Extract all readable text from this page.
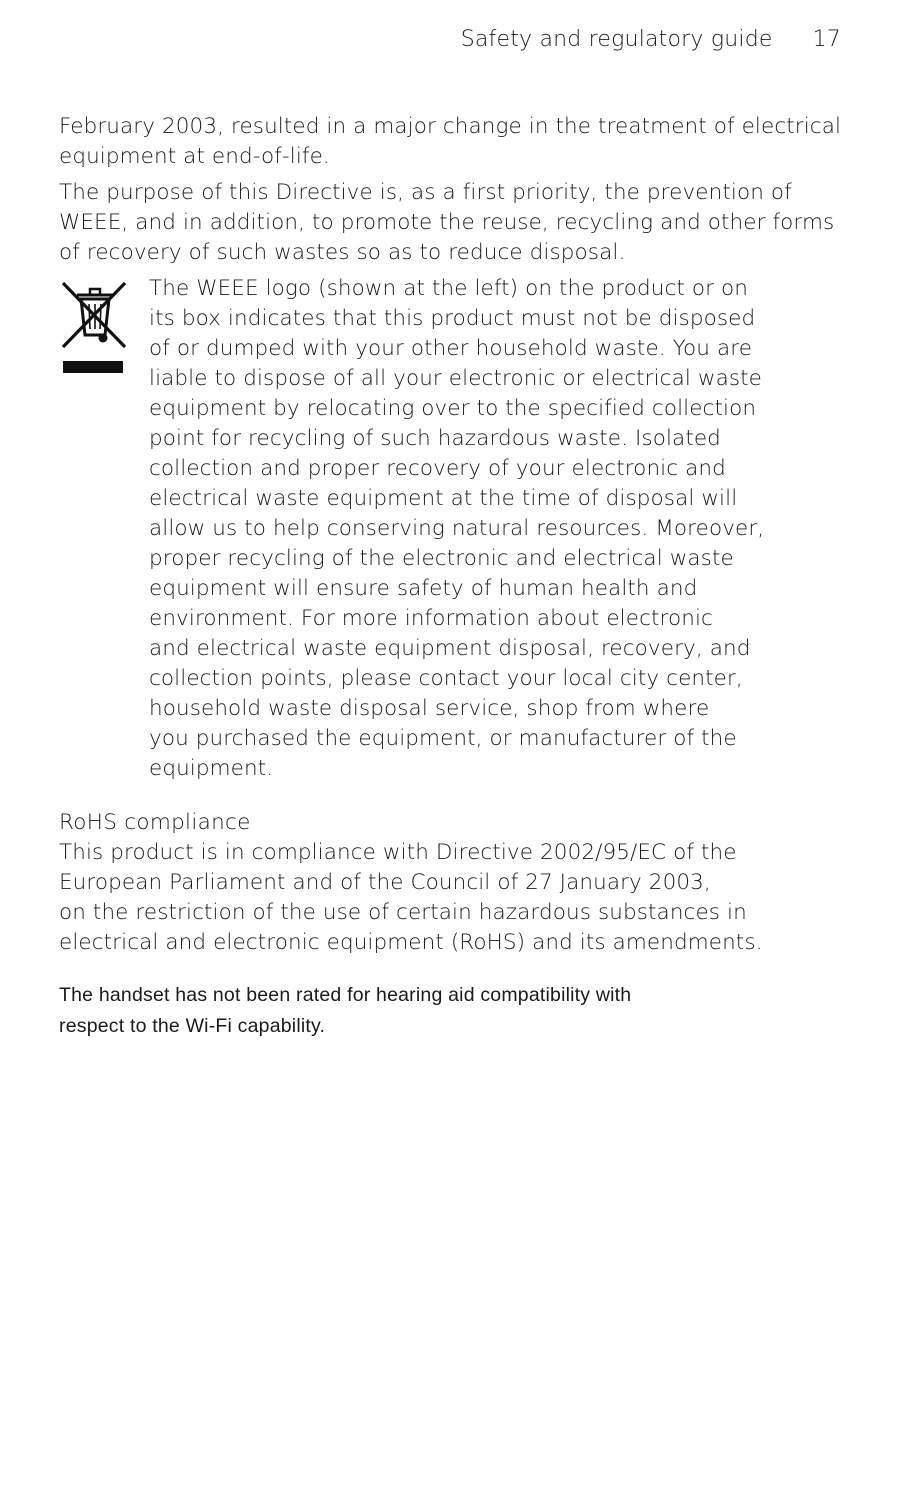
Safety and regulatory guide 17

February 2003, resulted in a major change in the treatment of electrical equipment at end-of-life.

The purpose of this Directive is, as a first priority, the prevention of WEEE, and in addition, to promote the reuse, recycling and other forms of recovery of such wastes so as to reduce disposal.

The WEEE logo (shown at the left) on the product or on
its box indicates that this product must not be disposed
of or dumped with your other household waste. You are
liable to dispose of all your electronic or electrical waste
equipment by relocating over to the specified collection
point for recycling of such hazardous waste. Isolated
collection and proper recovery of your electronic and
electrical waste equipment at the time of disposal will
allow us to help conserving natural resources. Moreover,
proper recycling of the electronic and electrical waste
equipment will ensure safety of human health and
environment. For more information about electronic
and electrical waste equipment disposal, recovery, and
collection points, please contact your local city center,
household waste disposal service, shop from where
you purchased the equipment, or manufacturer of the
equipment.
RoHS compliance
This product is in compliance with Directive 2002/95/EC of the
European Parliament and of the Council of 27 January 2003,
on the restriction of the use of certain hazardous substances in
electrical and electronic equipment (RoHS) and its amendments.
The handset has not been rated for hearing aid compatibility with
respect to the Wi-Fi capability.
